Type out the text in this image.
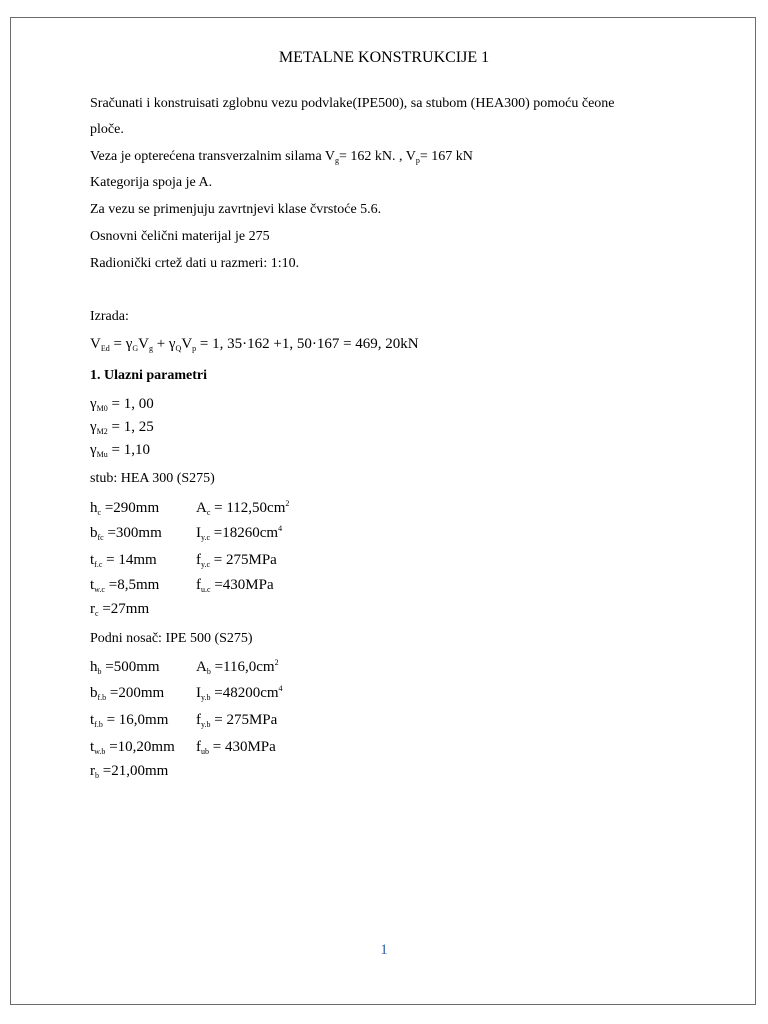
METALNE KONSTRUKCIJE 1
Sračunati i konstruisati zglobnu vezu podvlake(IPE500), sa stubom (HEA300) pomoću čeone
ploče.
Veza je opterećena transverzalnim silama $V_g= 162$ kN. , $V_p= 167$ kN
Kategorija spoja je A.
Za vezu se primenjuju zavrtnjevi klase čvrstoće 5.6.
Osnovni čelični materijal je 275
Radionički crtež dati u razmeri: 1:10.
Izrada:
$V_{Ed} = \gamma_GV_g + \gamma_QV_p = 1$, 35·162 +1, 50·167 = 469, 20kN
1. Ulazni parametri
$\gamma_{M0} = 1$, 00
$\gamma_{M2} = 1$, 25
$\gamma_{Mu} = 1,10$
stub: HEA 300 (S275)
$h_c =290mm$ $A_c = 112,50cm^2$
$b_{fc} =300mm$ $I_{y.c} =18260cm^4$
$t_{f.c} = 14mm$	$f_{y.c} = 275MPa$
$t_{w.c} =8,5mm$ $f_{u.c} =430MPa$
$r_c =27mm$
Podni nosač: IPE 500 (S275)
$h_b =500mm$ $A_b =116,0cm^2$
$b_{f.b} =200mm$ $I_{y.b} =48200cm^4$
$t_{f.b} = 16,0mm$ $f_{y.b} = 275MPa$
$t_{w.b} =10,20mm$ $f_{ub} = 430MPa$
$r_b =21,00mm$
1
